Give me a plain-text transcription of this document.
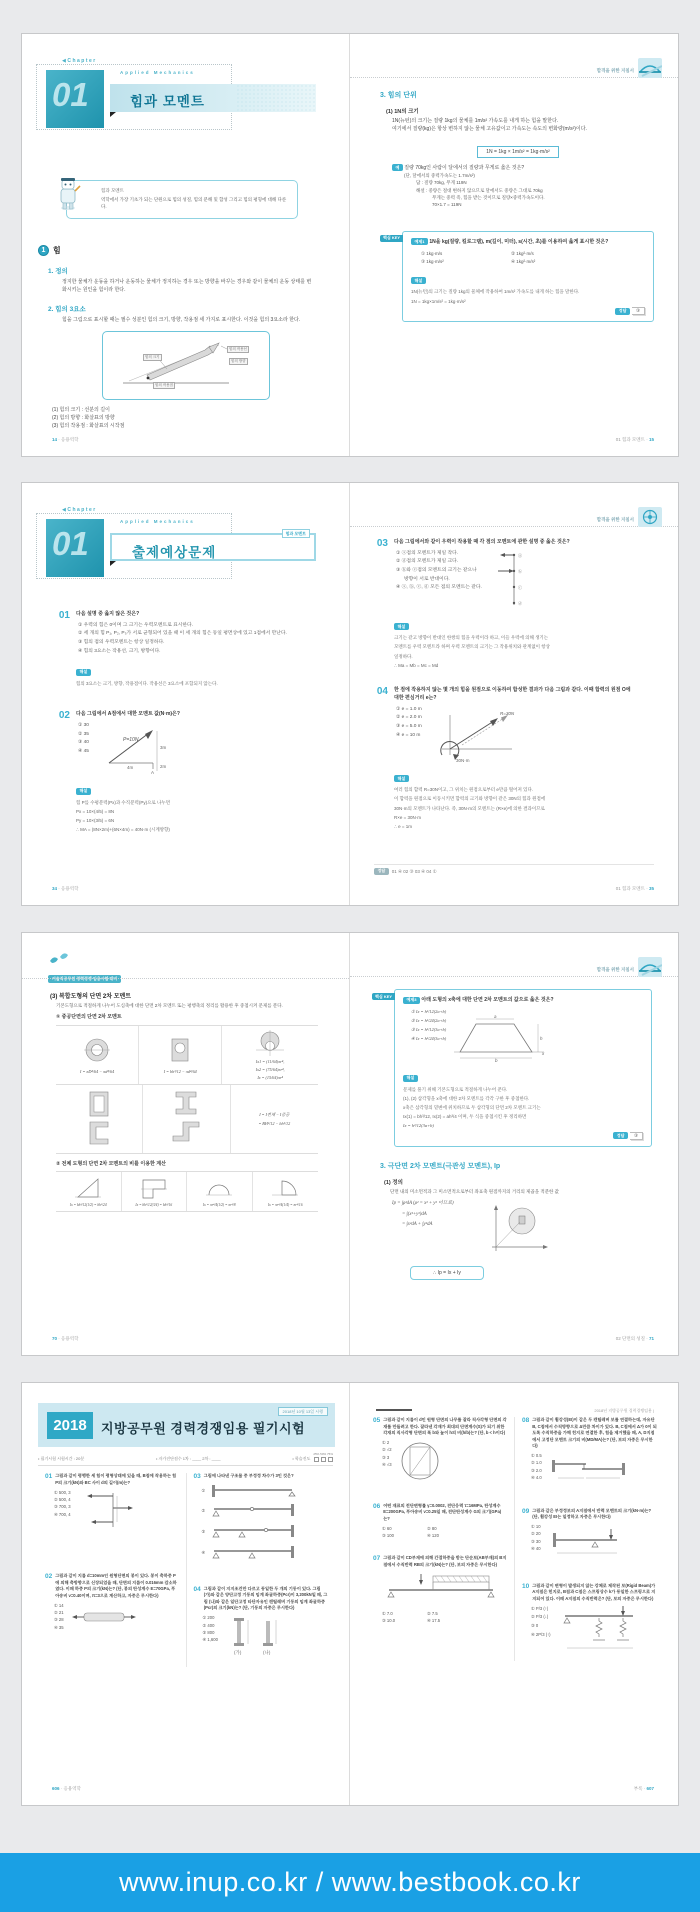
◀Chapter
01
Applied Mechanics
힘과 모멘트
힘과 모멘트
역학에서 가장 기초가 되는 단원으로 힘의 성질, 힘의 분해 및 합성 그리고 힘의 평형에 대해 다룬다.
1 힘
1. 정의
정지한 물체가 운동을 하거나 운동하는 물체가 정지하는 경우 또는 방향을 바꾸는 경우와 같이 물체의 운동 상태를 변화시키는 원인을 힘이라 한다.
2. 힘의 3요소
힘을 그림으로 표시할 때는 필수 성분인 힘의 크기, 방향, 작용점 세 가지로 표시한다. 이것을 힘의 3요소라 한다.
힘의 크기
힘의 작용선
힘의 방향
힘의 작용점
(1) 힘의 크기 : 선분의 길이
(2) 힘의 방향 : 화살표의 방향
(3) 힘의 작용점 : 화살표의 시작점
14 · 응용역학
합격을 위한 지침서
3. 힘의 단위
(1) 1N의 크기
1N(뉴턴)의 크기는 질량 1kg의 물체를 1m/s² 가속도를 내게 하는 힘을 말한다.
여기에서 질량(kg)은 항상 변하지 않는 물체 고유값이고 가속도는 속도의 변화량(m/s²)이다.
1N = 1kg × 1m/s² = 1kg·m/s²
예 질량 70kg인 사람이 달에서의 질량과 무게로 옳은 것은?
(단, 달에서의 중력가속도는 1.7m/s²)
답 : 질량 70kg, 무게 119N
해설 : 중량은 절대 변하지 않으므로 달에서도 중량은 그대로 70kg
무게는 중력 즉, 힘을 받는 것이므로 질량×중력가속도이다.
70×1.7 = 119N
핵심 KEY
예제1 1N을 kg(질량, 킬로그램), m(길이, 미터), s(시간, 초)를 이용하여 옳게 표시한 것은?
① 1kg·m/s	② 1kg²·m/s
③ 1kg·m/s²	④ 1kg²·m/s²
해설
1N(뉴턴)의 크기는 질량 1kg의 물체에 작용하여 1m/s² 가속도를 내게 하는 힘을 말한다.
1N = 1kg×1m/s² = 1kg·m/s²
정답	③
01 힘과 모멘트 · 15
◀Chapter
01
Applied Mechanics
힘과 모멘트
출제예상문제
01 다음 설명 중 옳지 않은 것은?
① 우력의 힘은 0이며 그 크기는 우력모멘트로 표시한다.
② 세 개의 힘 P₁, P₂, P₃가 서로 균형되어 있을 때 이 세 개의 힘은 동일 평면상에 있고 1점에서 만난다.
③ 힘의 점의 우력모멘트는 항상 일정하다.
④ 힘의 3요소는 작용선, 크기, 방향이다.
해설
힘의 3요소는 크기, 방향, 작용점이다. 작용선은 3요소에 포함되지 않는다.
02 다음 그림에서 A점에서 대한 모멘트 값(N·m)은?
① 30
② 35
③ 40
④ 45
P=10N
3m
2m
4m
A
해설
힘 P를 수평분력(Px)과 수직분력(Py)으로 나누면
Px = 10×(4/5) = 8N
Py = 10×(3/5) = 6N
∴ MA = (8N×2m)+(6N×4m) = 40N·m (시계방향)
34 · 응용역학
합격을 위한 지침서
03 다음 그림에서와 같이 우력이 작용할 때 각 점의 모멘트에 관한 설명 중 옳은 것은?
① ⓐ점의 모멘트가 제일 작다.
② ⓓ점의 모멘트가 제일 크다.
③ ⓑ와 ⓒ점의 모멘트의 크기는 같으나
방향이 서로 반대이다.
④ ⓐ, ⓑ, ⓒ, ⓓ 모든 점의 모멘트는 같다.
ⓐ
ⓑ
ⓒ
ⓓ
해설
크기는 같고 방향이 반대인 한쌍의 힘을 우력이라 하고, 이들 우력에 의해 생기는
모멘트를 우력 모멘트라 하며 우력 모멘트의 크기는 그 작용위치와 관계없이 항상
일정하다.
∴ Ma = Mb = Mc = Md
04 한 점에 작용하지 않는 몇 개의 힘을 원점으로 이동하여 합성한 결과가 다음 그림과 같다. 이때 합력의 원점 O에 대한 편심거리 e는?
① e = 1.0 m
② e = 2.0 m
③ e = 5.0 m
④ e = 10 m
R=30N
30N·m
해설
여러 힘의 합력 R=30N이고, 그 위치는 원점으로부터 e만큼 떨어져 있다.
이 합력을 원점으로 이동시키면 합력의 크기와 방향이 같은 30N의 힘과 원점에
30N·m의 모멘트가 나타난다. 즉, 30N·m의 모멘트는 (R×e)에 의한 결과이므로
R×e = 30N·m
∴ e = 1m
정답	01 ④ 02 ③ 03 ④ 04 ①
01 힘과 모멘트 · 35
기술직공무원 경력경쟁 임용시험 대비
(3) 복합도형의 단면 2차 모멘트
기본도형으로 적절하게 나누어 도심축에 대한 단면 2차 모멘트 또는 평행축의 정리를 활용한 후 중첩시켜 문제를 푼다.
① 중공단면의 단면 2차 모멘트
I = πD⁴/64 − πd⁴/64	I = bh³/12 − πd⁴/64
Ix1 = (11/64)πr⁴,
Ix2 = (75/64)πr⁴,
Ix = (15/64)πr⁴
I = I전체 − I중공
= BH³/12 − bh³/12
② 전체 도형의 단면 2차 모멘트의 비를 이용한 계산
Ix = bh³/12(1/2) = bh³/24	Ix = bh³/12(3/4) = bh³/16	Ix = πr⁴/4(1/2) = πr⁴/8	Ix = πr⁴/4(1/4) = πr⁴/16
70 · 응용역학
합격을 위한 지침서
핵심 KEY
예제3 아래 도형의 x축에 대한 단면 2차 모멘트의 값으로 옳은 것은?
① Ix = h³/12(2a+b)
② Ix = h³/24(2a+b)
③ Ix = h³/12(3a+b)
④ Ix = h³/24(3a+b)
a
h
b
x
해설
문제를 풀기 위해 기본도형으로 적절하게 나누어 푼다.
(1), (2) 삼각형을 x축에 대한 2차 모멘트를 각각 구한 후 중첩한다.
x축은 삼각형의 밑변에 위치하므로 두 삼각형의 단면 2차 모멘트 크기는
Ix(1) = bh³/12, Ix(2) = ah³/4 이며, 두 식을 중첩시킨 후 정리하면
Ix = h³/12(3a+b)
정답	③
3. 극단면 2차 모멘트(극관성 모멘트), Ip
(1) 정의
단면 내의 미소면적과 그 미소면적으로부터 좌표축 원점까지의 거리의 제곱을 적분한 값
Ip = ∫ρ²dA (ρ² = x² + y² 이므로)
= ∫(x²+y²)dA
= ∫x²dA + ∫y²dA
∴ Ip = Ix + Iy
02 단면의 성질 · 71
2018	지방공무원 경력경쟁임용 필기시험
2018년 10월 13일 시행
• 필기시험 시험시간 : 20분	• 자가진단점수 1차 : ____ 2차 : ____	• 학습진도
25% 50% 75%
01 그림과 같이 평행한 세 힘이 평형상태에 있을 때, B점에 작용하는 힘 P의 크기(kN)와 BC 사이 d의 길이(m)는?
① 500, 3
② 500, 4
③ 700, 3
④ 700, 4
02 그림과 같이 지름 d=10mm인 원형단면의 봉이 있다. 봉이 축하중 P에 의해 축방향으로 신장되었을 때, 단면의 지름이 0.016mm 감소하였다. 이때 하중 P의 크기(kN)는? (단, 봉의 탄성계수 E=70GPa, 푸아송비 ν=0.40이며, π=3으로 계산하고, 자중은 무시한다)
① 14
② 21
③ 28
④ 35
03 그림에 나타낸 구조물 중 부정정 차수가 3인 것은?
①
②
③
④
04 그림과 같이 지지조건만 다르고 동일한 두 개의 기둥이 있다. 그림 (가)와 같은 양단고정 기둥의 임계 좌굴하중(Pcr)이 3,200kN일 때, 그림 (나)와 같은 일단고정 타단자유인 캔틸레버 기둥의 임계 좌굴하중(Pcr)의 크기(kN)는? (단, 기둥의 자중은 무시한다)
① 200
② 400
③ 800
④ 1,600
(가)	(나)
606 · 응용역학
2018년 지방공무원 경력경쟁임용 |
05 그림과 같이 지름이 d인 원형 단면의 나무를 잘라 직사각형 단면의 각재를 만들려고 한다. 잘라낸 각재가 최대의 단면계수(S)가 되기 위한 각재의 직사각형 단면의 폭 b와 높이 h의 비(h/b)는? (단, b < h이다)
① 2
② √2
③ 3
④ √3
06 어떤 재료의 전단변형률 γ=0.0002, 전단응력 τ=16MPa, 탄성계수 E=200GPa, 푸아송비 ν=0.25일 때, 전단탄성계수 G의 크기(GPa)는?
① 60	② 80
③ 100	④ 120
07 그림과 같이 CD부재에 의해 간접하중을 받는 단순보(AB부재)의 B지점에서 수직반력 RB의 크기(kN)는? (단, 보의 자중은 무시한다)
① 7.0	② 7.5
③ 10.0	④ 17.5
08 그림과 같이 휨강성(EI)이 같은 두 캔틸레버 보를 연결하는데, 자유단 B, C점에서 수직방향으로 Δ만큼 차이가 있다. B, C점에서 Δ가 0이 되도록 수직하중을 가해 힌지로 연결한 후, 힘을 제거했을 때, A, D지점에서 고정단 모멘트 크기의 비(MD/MA)는? (단, 보의 자중은 무시한다)
① 0.5
② 1.0
③ 2.0
④ 4.0
09 그림과 같은 부정정보의 A지점에서 반력 모멘트의 크기(kN·m)는? (단, 휨강성 EI는 일정하고 자중은 무시한다)
① 10
② 20
③ 30
④ 40
10 그림과 같이 변형이 발생되지 않는 강체로 제작된 보(Rigid Beam)가 A지점은 힌지로, B점과 C점은 스프링상수 k가 동일한 스프링으로 지지되어 있다. 이때 A지점의 수직반력은? (단, 보의 자중은 무시한다)
① P/3 (↑)
② P/3 (↓)
③ 0
④ 2P/3 (↑)
부록 · 607
www.inup.co.kr / www.bestbook.co.kr
